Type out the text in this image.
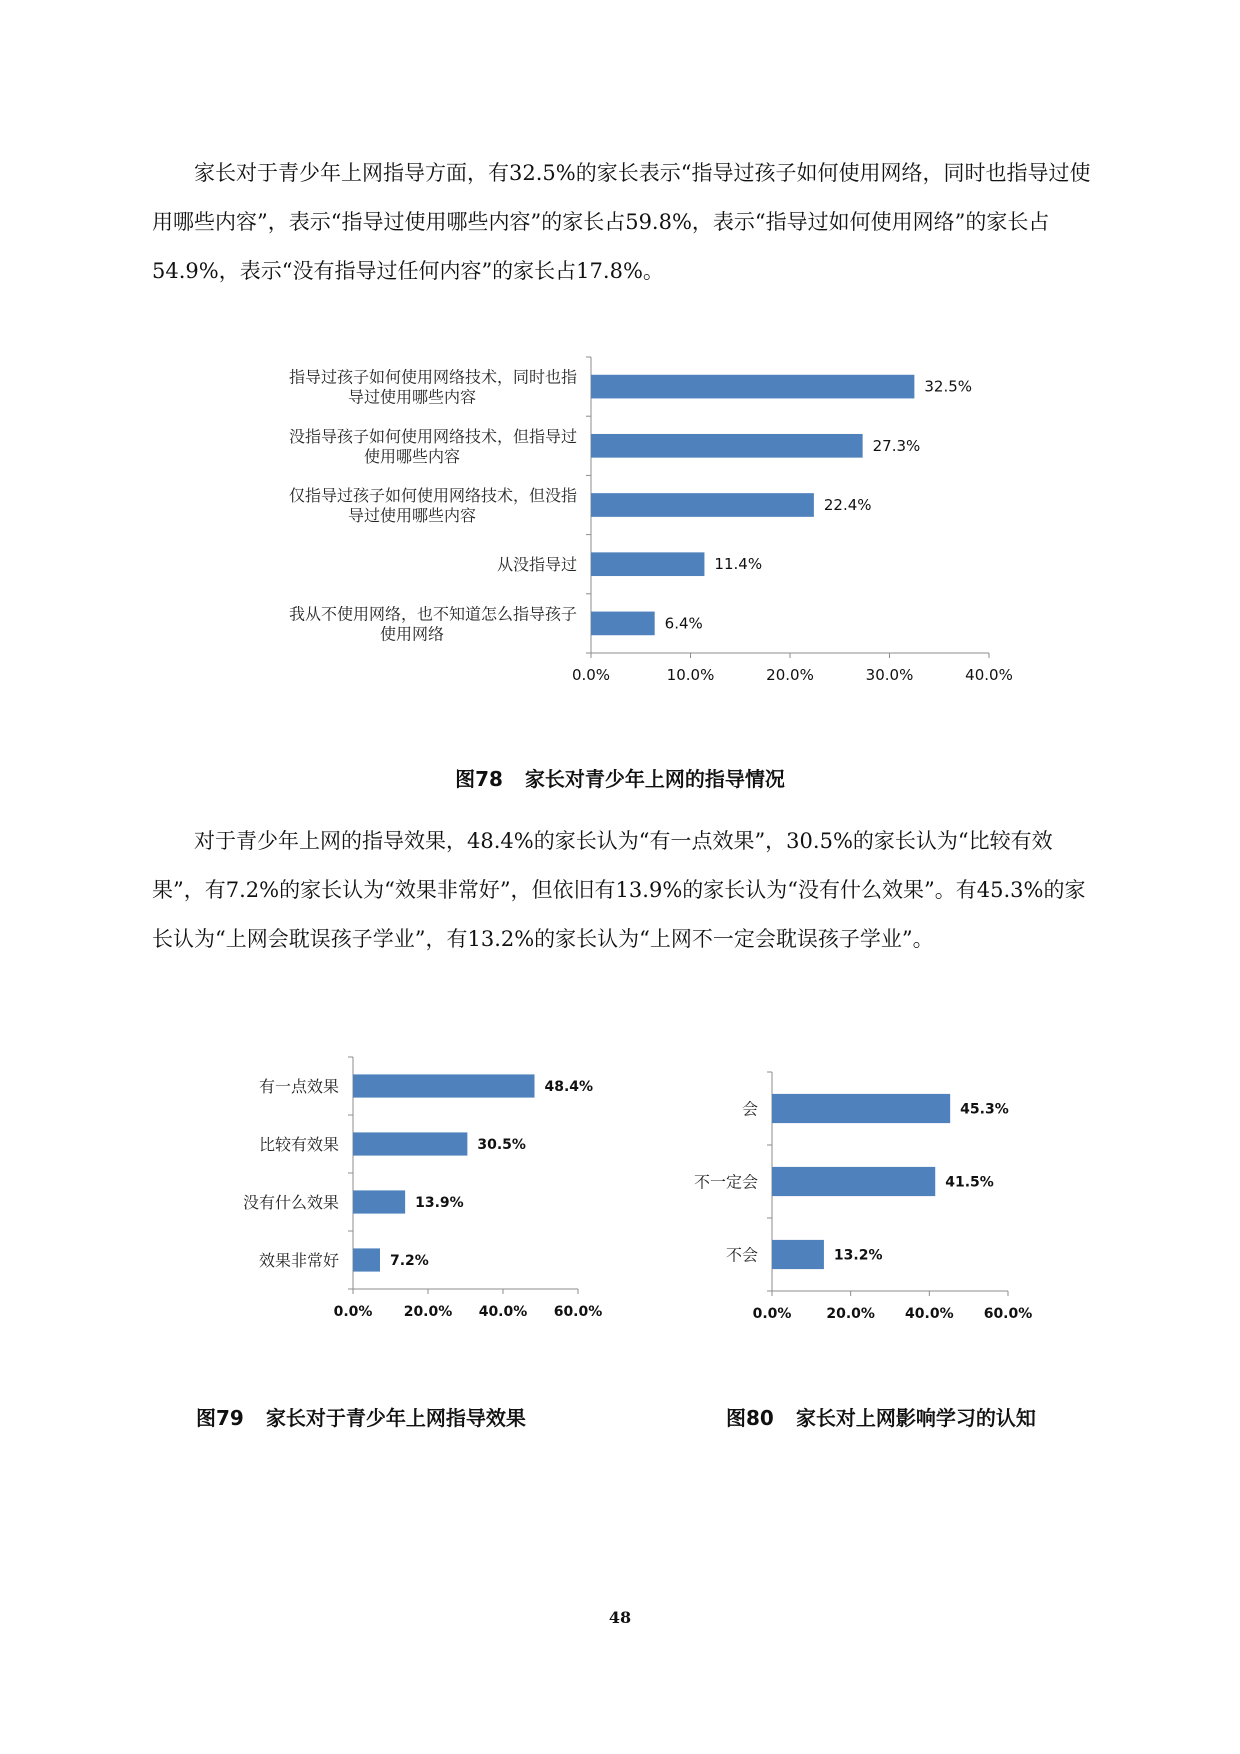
家长对于青少年上网指导方面，有32.5%的家长表示“指导过孩子如何使用网络，同时也指导过使用哪些内容”，表示“指导过使用哪些内容”的家长占59.8%，表示“指导过如何使用网络”的家长占54.9%，表示“没有指导过任何内容”的家长占17.8%。

0.0%	10.0%	20.0%	30.0%	40.0%
32.5%
指导过孩子如何使用网络技术，同时也指
导过使用哪些内容
27.3%
没指导孩子如何使用网络技术，但指导过
使用哪些内容
22.4%
仅指导过孩子如何使用网络技术，但没指
导过使用哪些内容
11.4%
从没指导过
6.4%
我从不使用网络，也不知道怎么指导孩子
使用网络
图78 家长对青少年上网的指导情况

对于青少年上网的指导效果，48.4%的家长认为“有一点效果”，30.5%的家长认为“比较有效果”，有7.2%的家长认为“效果非常好”，但依旧有13.9%的家长认为“没有什么效果”。有45.3%的家长认为“上网会耽误孩子学业”，有13.2%的家长认为“上网不一定会耽误孩子学业”。

0.0% 20.0% 40.0% 60.0%
48.4%
有一点效果
30.5%
比较有效果
13.9%
没有什么效果
7.2%
效果非常好
0.0% 20.0% 40.0% 60.0%
45.3%
会
41.5%
不一定会
13.2%
不会
图79 家长对于青少年上网指导效果	图80 家长对上网影响学习的认知
48
